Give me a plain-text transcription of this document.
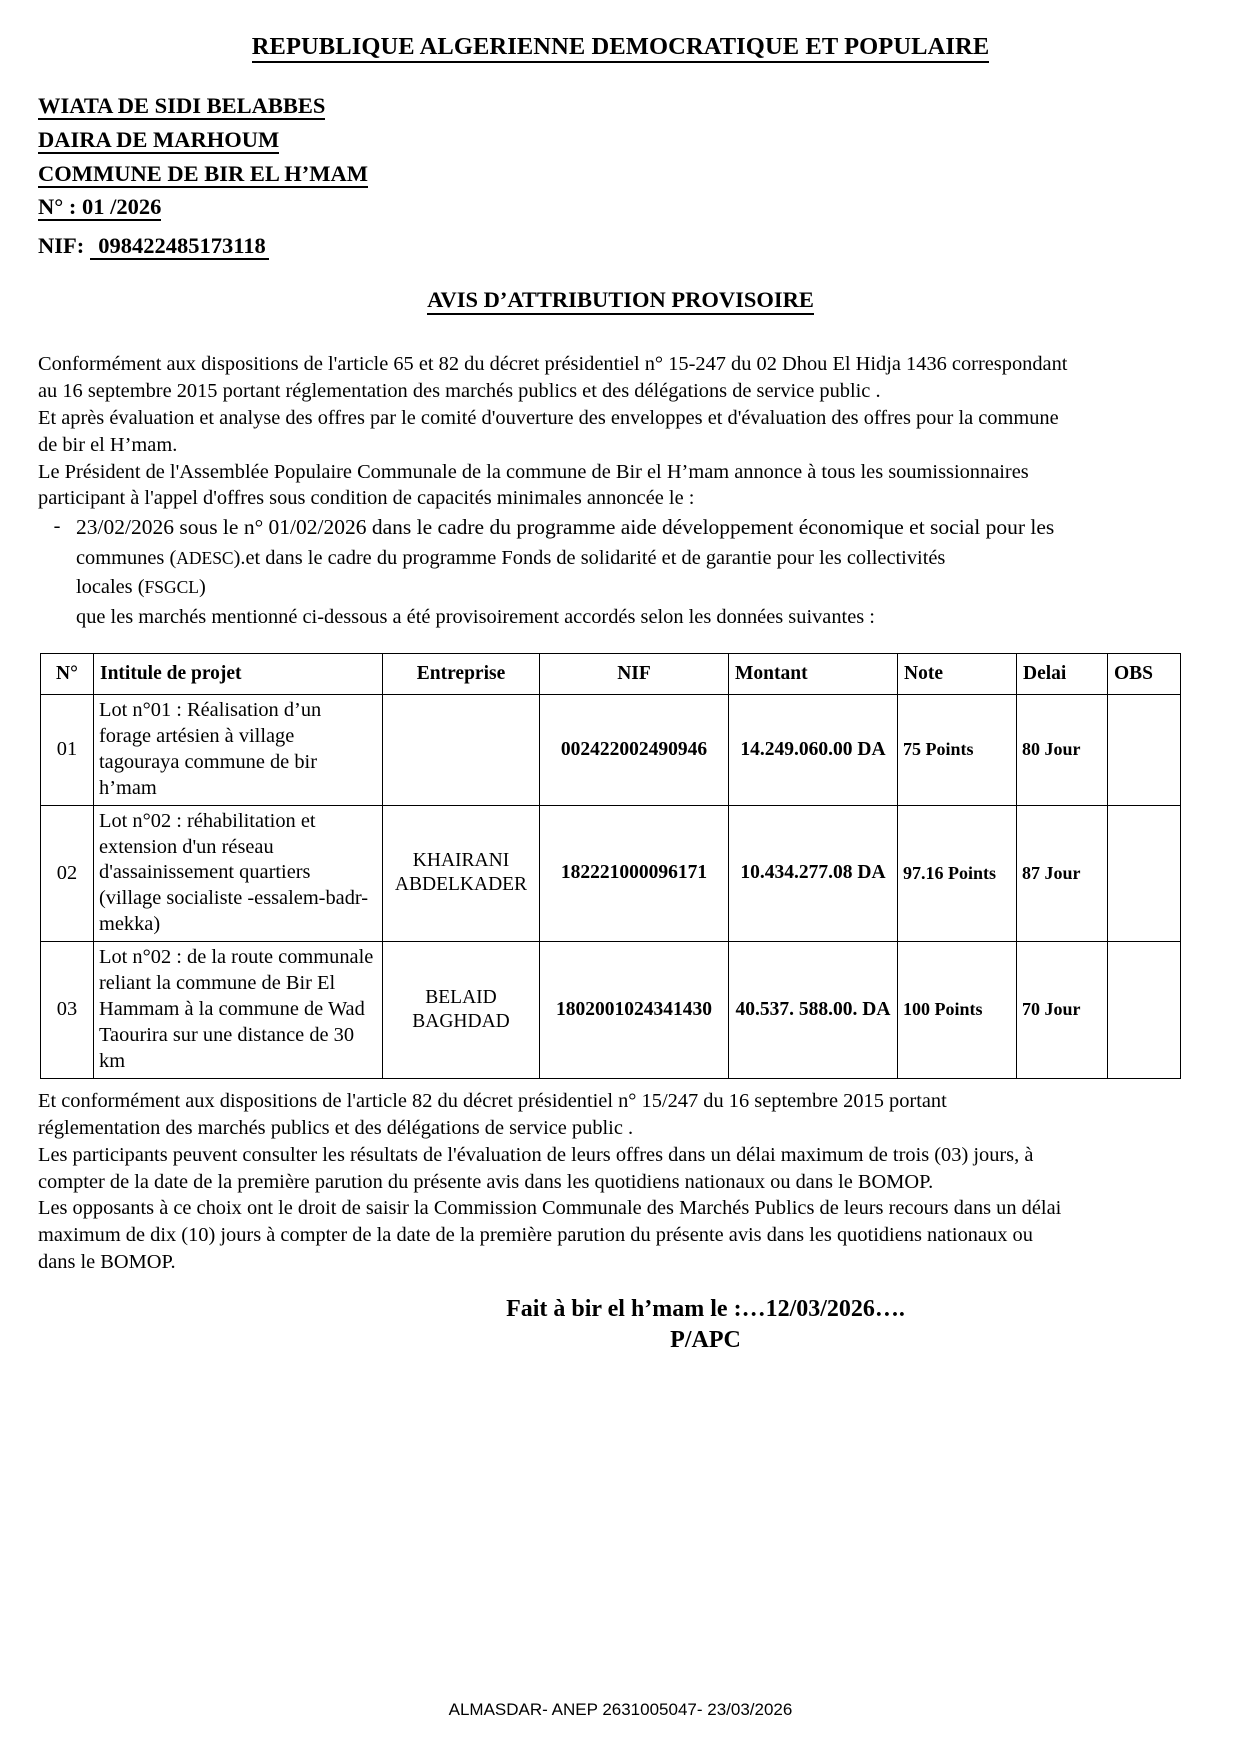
REPUBLIQUE ALGERIENNE DEMOCRATIQUE ET POPULAIRE
WIATA DE SIDI BELABBES
DAIRA DE MARHOUM
COMMUNE DE BIR EL H’MAM
N° : 01 /2026
NIF: 098422485173118
AVIS D’ATTRIBUTION PROVISOIRE

Conformément aux dispositions de l'article 65 et 82 du décret présidentiel n° 15-247 du 02 Dhou El Hidja 1436 correspondant

au 16 septembre 2015 portant réglementation des marchés publics et des délégations de service public .

Et après évaluation et analyse des offres par le comité d'ouverture des enveloppes et d'évaluation des offres pour la commune

de bir el H’mam.

Le Président de l'Assemblée Populaire Communale de la commune de Bir el H’mam annonce à tous les soumissionnaires

participant à l'appel d'offres sous condition de capacités minimales annoncée le :

- 23/02/2026 sous le n° 01/02/2026 dans le cadre du programme aide développement économique et social pour les
communes (ADESC).et dans le cadre du programme Fonds de solidarité et de garantie pour les collectivités
locales (FSGCL)
que les marchés mentionné ci-dessous a été provisoirement accordés selon les données suivantes :
N°	Intitule de projet	Entreprise	NIF	Montant	Note	Delai	OBS
01	Lot n°01 : Réalisation d’un forage artésien à village tagouraya commune de bir h’mam		002422002490946	14.249.060.00 DA	75 Points	80 Jour	
02	Lot n°02 : réhabilitation et extension d'un réseau d'assainissement quartiers (village socialiste -essalem-badr-mekka)	KHAIRANI ABDELKADER	182221000096171	10.434.277.08 DA	97.16 Points	87 Jour	
03	Lot n°02 : de la route communale reliant la commune de Bir El Hammam à la commune de Wad Taourira sur une distance de 30 km	BELAID BAGHDAD	1802001024341430	40.537. 588.00. DA	100 Points	70 Jour	

Et conformément aux dispositions de l'article 82 du décret présidentiel n° 15/247 du 16 septembre 2015 portant

réglementation des marchés publics et des délégations de service public .

Les participants peuvent consulter les résultats de l'évaluation de leurs offres dans un délai maximum de trois (03) jours, à

compter de la date de la première parution du présente avis dans les quotidiens nationaux ou dans le BOMOP.

Les opposants à ce choix ont le droit de saisir la Commission Communale des Marchés Publics de leurs recours dans un délai

maximum de dix (10) jours à compter de la date de la première parution du présente avis dans les quotidiens nationaux ou

dans le BOMOP.

Fait à bir el h’mam le :…12/03/2026….
P/APC
ALMASDAR- ANEP 2631005047- 23/03/2026
